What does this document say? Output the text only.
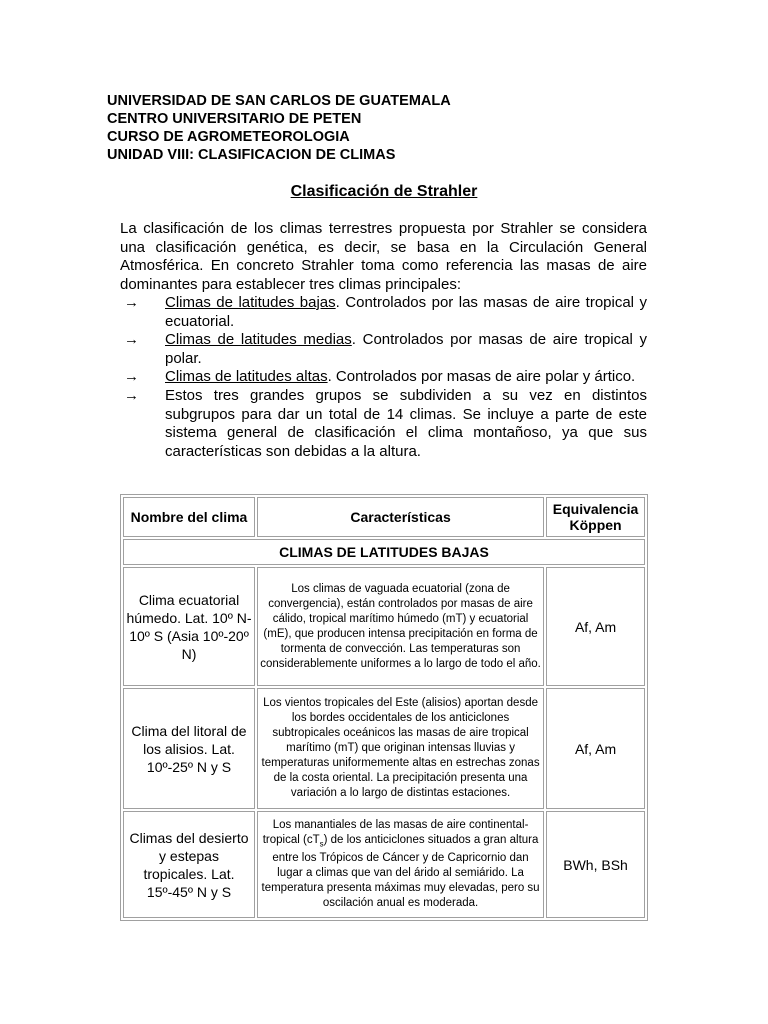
UNIVERSIDAD DE SAN CARLOS DE GUATEMALA
CENTRO UNIVERSITARIO DE PETEN
CURSO DE AGROMETEOROLOGIA
UNIDAD VIII: CLASIFICACION DE CLIMAS
Clasificación de Strahler

La clasificación de los climas terrestres propuesta por Strahler se considera una clasificación genética, es decir, se basa en la Circulación General Atmosférica. En concreto Strahler toma como referencia las masas de aire dominantes para establecer tres climas principales:

→	Climas de latitudes bajas. Controlados por las masas de aire tropical y ecuatorial.
→	Climas de latitudes medias. Controlados por masas de aire tropical y polar.
→	Climas de latitudes altas. Controlados por masas de aire polar y ártico.
→	Estos tres grandes grupos se subdividen a su vez en distintos subgrupos para dar un total de 14 climas. Se incluye a parte de este sistema general de clasificación el clima montañoso, ya que sus características son debidas a la altura.
Nombre del clima	Características	Equivalencia Köppen
CLIMAS DE LATITUDES BAJAS		
Clima ecuatorial húmedo. Lat. 10º N-10º S (Asia 10º-20º N)	Los climas de vaguada ecuatorial (zona de convergencia), están controlados por masas de aire cálido, tropical marítimo húmedo (mT) y ecuatorial (mE), que producen intensa precipitación en forma de tormenta de convección. Las temperaturas son considerablemente uniformes a lo largo de todo el año.	Af, Am
Clima del litoral de los alisios. Lat. 10º-25º N y S	Los vientos tropicales del Este (alisios) aportan desde los bordes occidentales de los anticiclones subtropicales oceánicos las masas de aire tropical marítimo (mT) que originan intensas lluvias y temperaturas uniformemente altas en estrechas zonas de la costa oriental. La precipitación presenta una variación a lo largo de distintas estaciones.	Af, Am
Climas del desierto y estepas tropicales. Lat. 15º-45º N y S	Los manantiales de las masas de aire continental-tropical $(cT_s)$ de los anticiclones situados a gran altura entre los Trópicos de Cáncer y de Capricornio dan lugar a climas que van del árido al semiárido. La temperatura presenta máximas muy elevadas, pero su oscilación anual es moderada.	BWh, BSh
